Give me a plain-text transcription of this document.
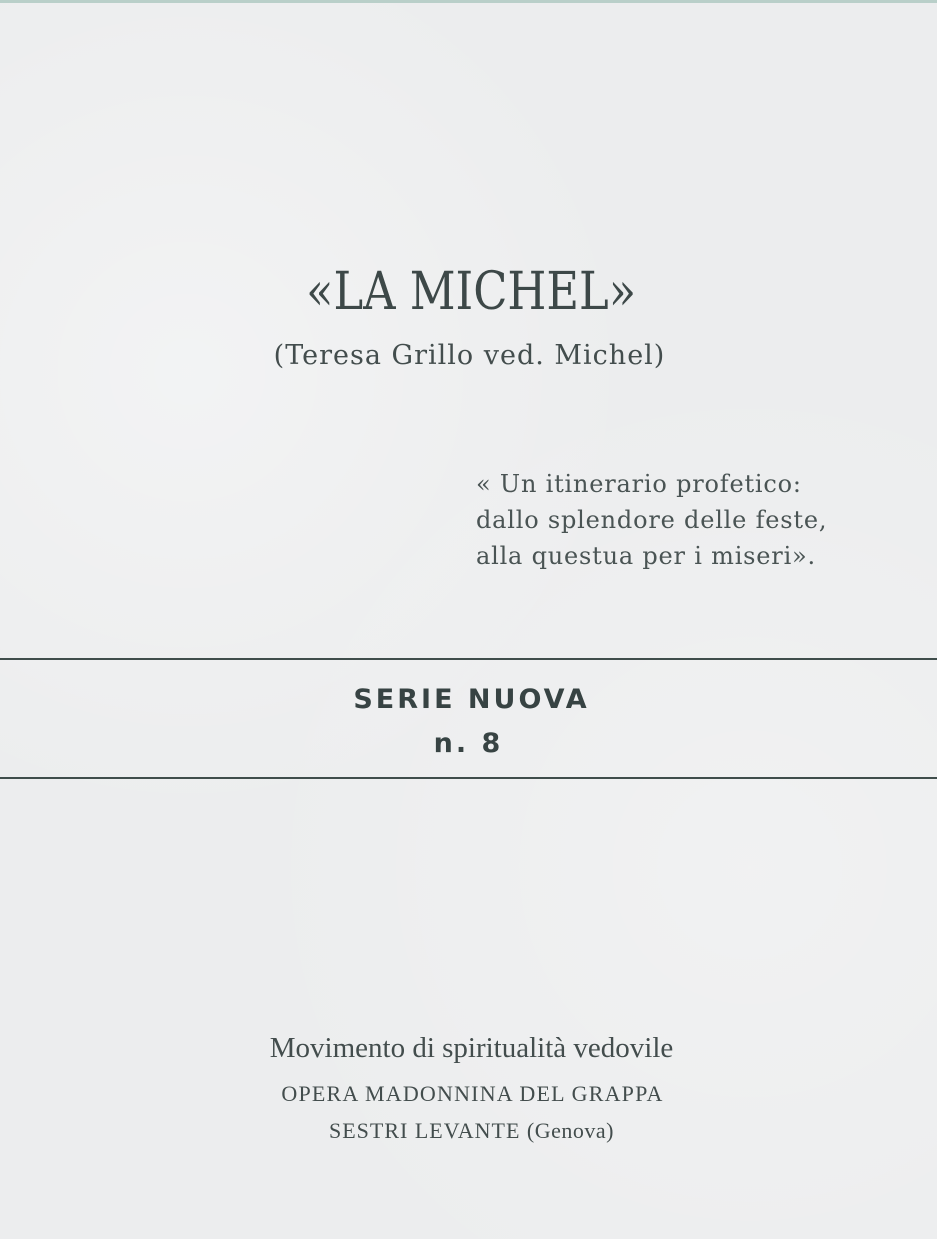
«LA MICHEL»
(Teresa Grillo ved. Michel)
« Un itinerario profetico:
dallo splendore delle feste,
alla questua per i miseri».
SERIE NUOVA
n. 8
Movimento di spiritualità vedovile
OPERA MADONNINA DEL GRAPPA
SESTRI LEVANTE (Genova)
